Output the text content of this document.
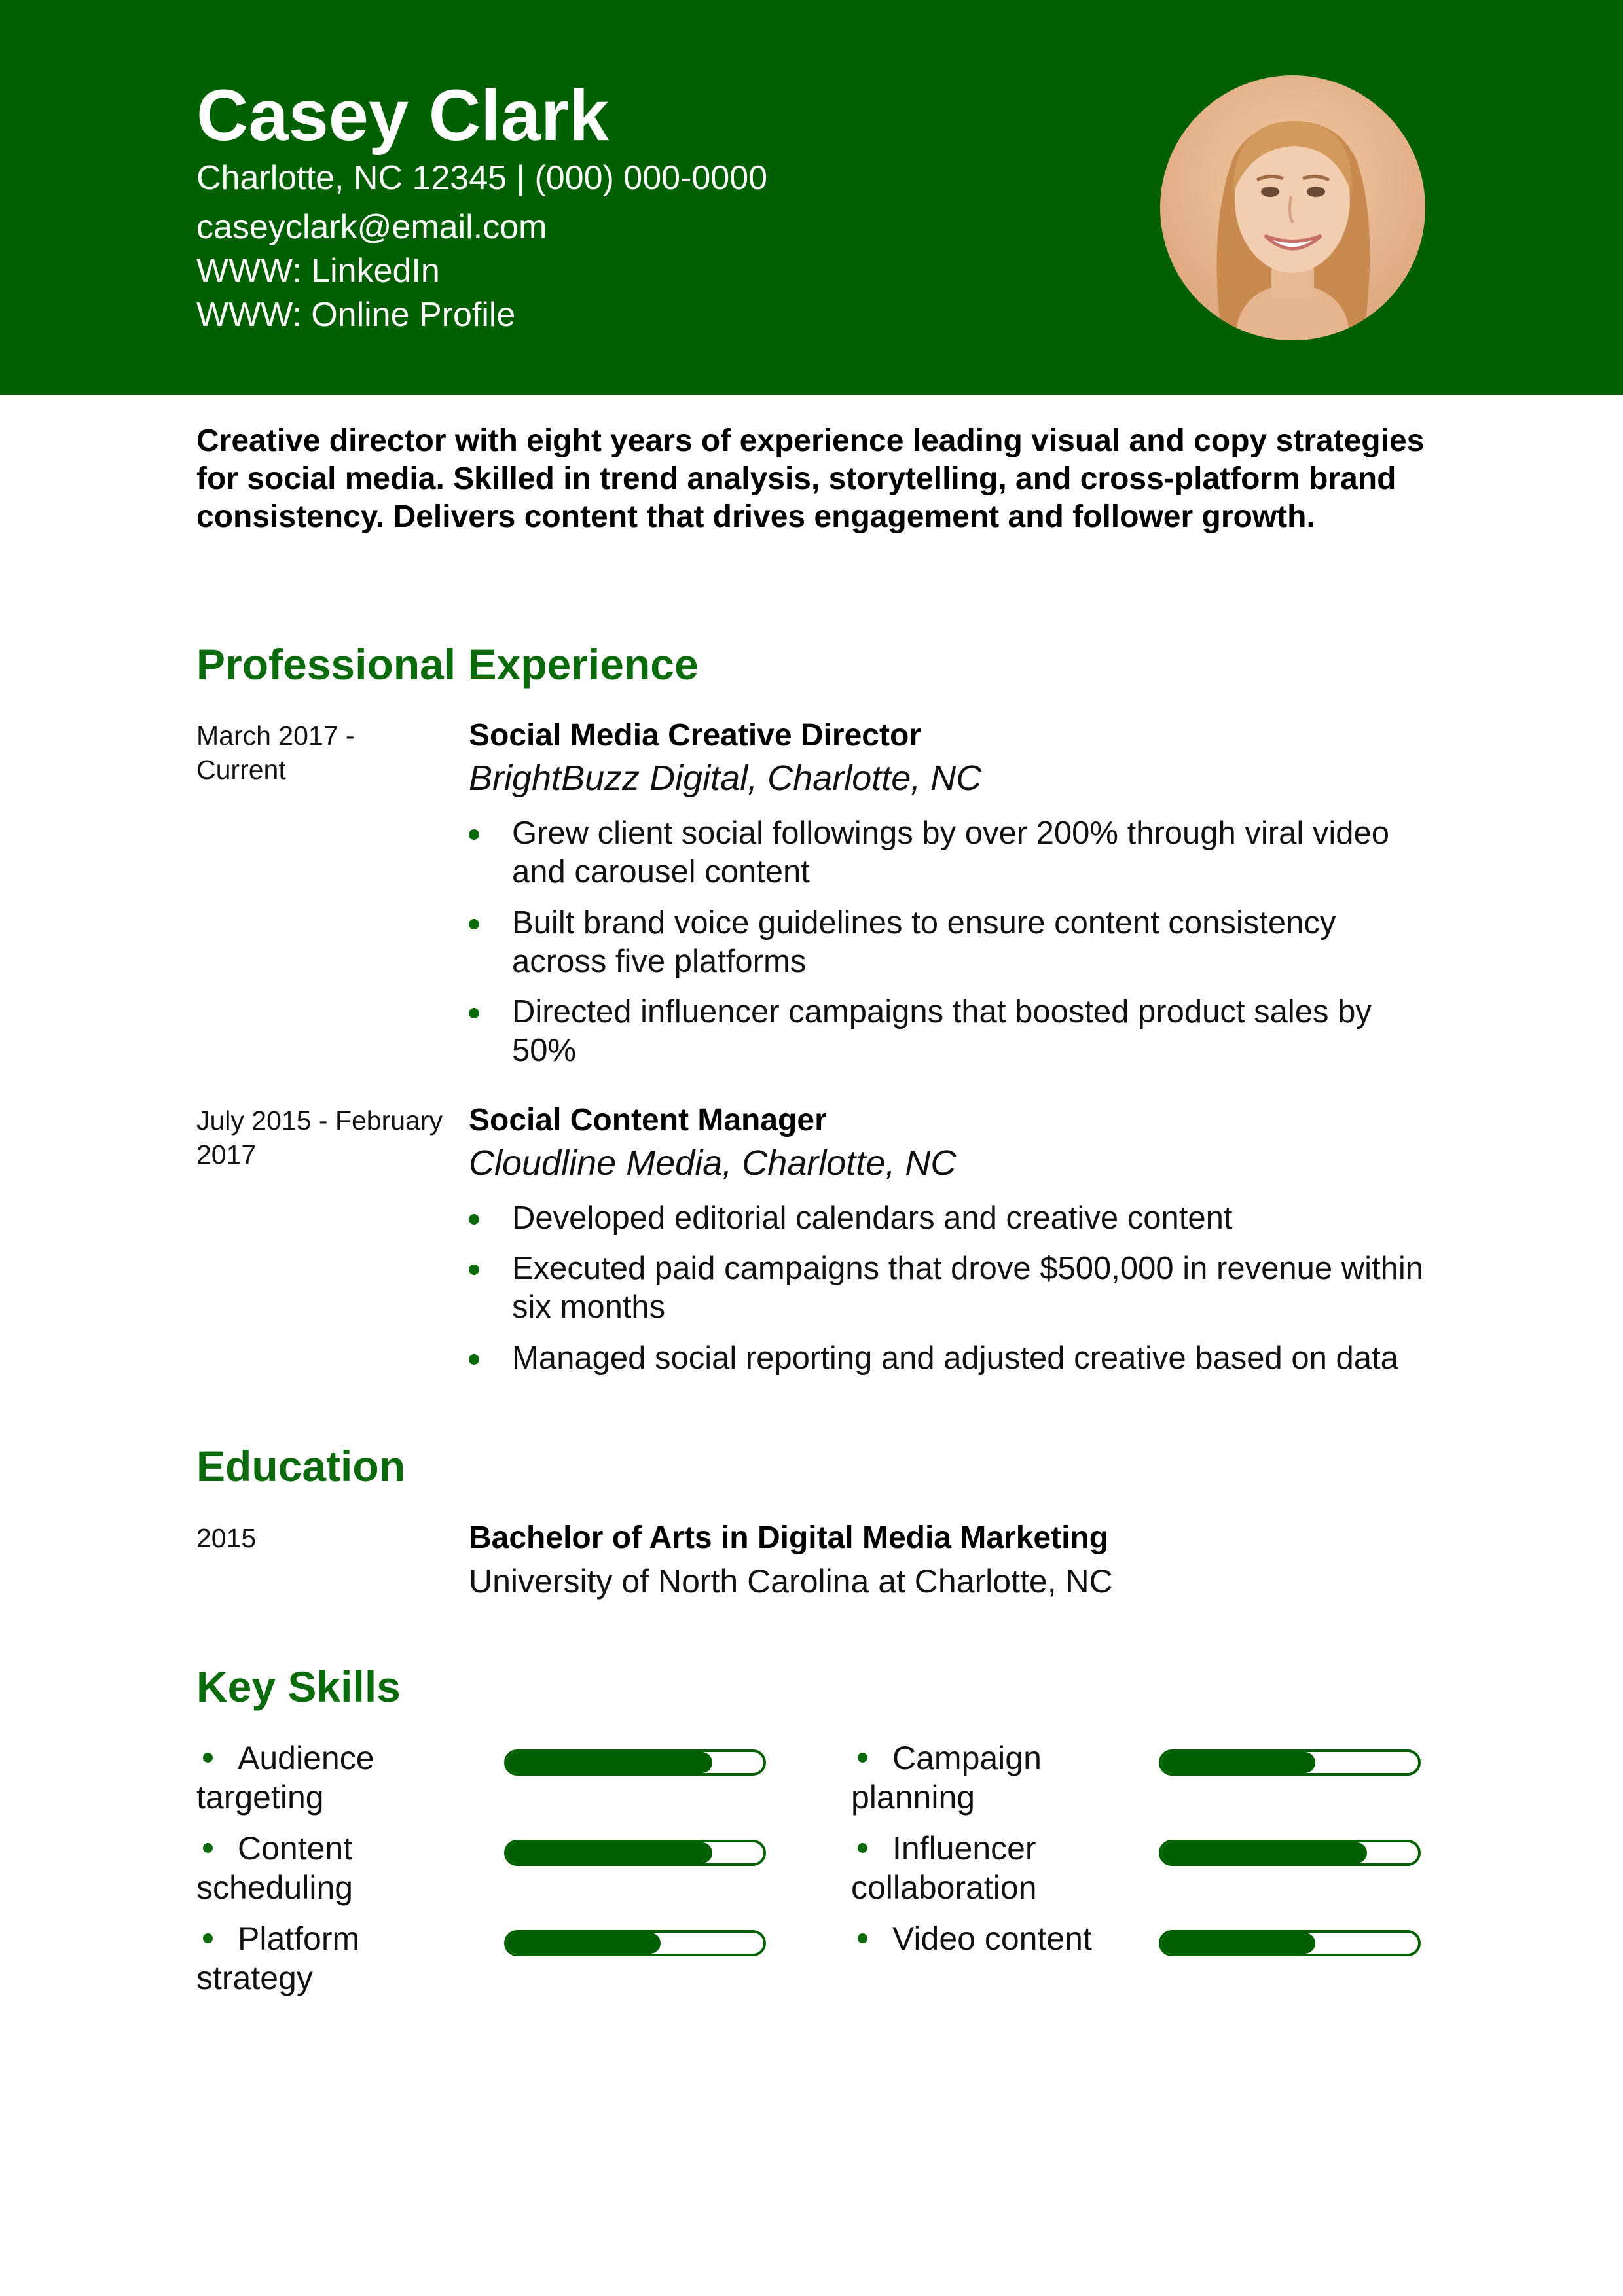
Casey Clark

Charlotte, NC 12345 | (000) 000-0000

caseyclark@email.com

WWW: LinkedIn

WWW: Online Profile

Creative director with eight years of experience leading visual and copy strategies for social media. Skilled in trend analysis, storytelling, and cross-platform brand consistency. Delivers content that drives engagement and follower growth.

Professional Experience
March 2017 - Current
Social Media Creative Director
BrightBuzz Digital, Charlotte, NC
Grew client social followings by over 200% through viral video and carousel content
Built brand voice guidelines to ensure content consistency across five platforms
Directed influencer campaigns that boosted product sales by 50%
July 2015 - February 2017
Social Content Manager
Cloudline Media, Charlotte, NC
Developed editorial calendars and creative content
Executed paid campaigns that drove $500,000 in revenue within six months
Managed social reporting and adjusted creative based on data
Education
2015	Bachelor of Arts in Digital Media Marketing
University of North Carolina at Charlotte, NC
Key Skills
Audience targeting
Campaign planning
Content scheduling
Influencer collaboration
Platform strategy
Video content
